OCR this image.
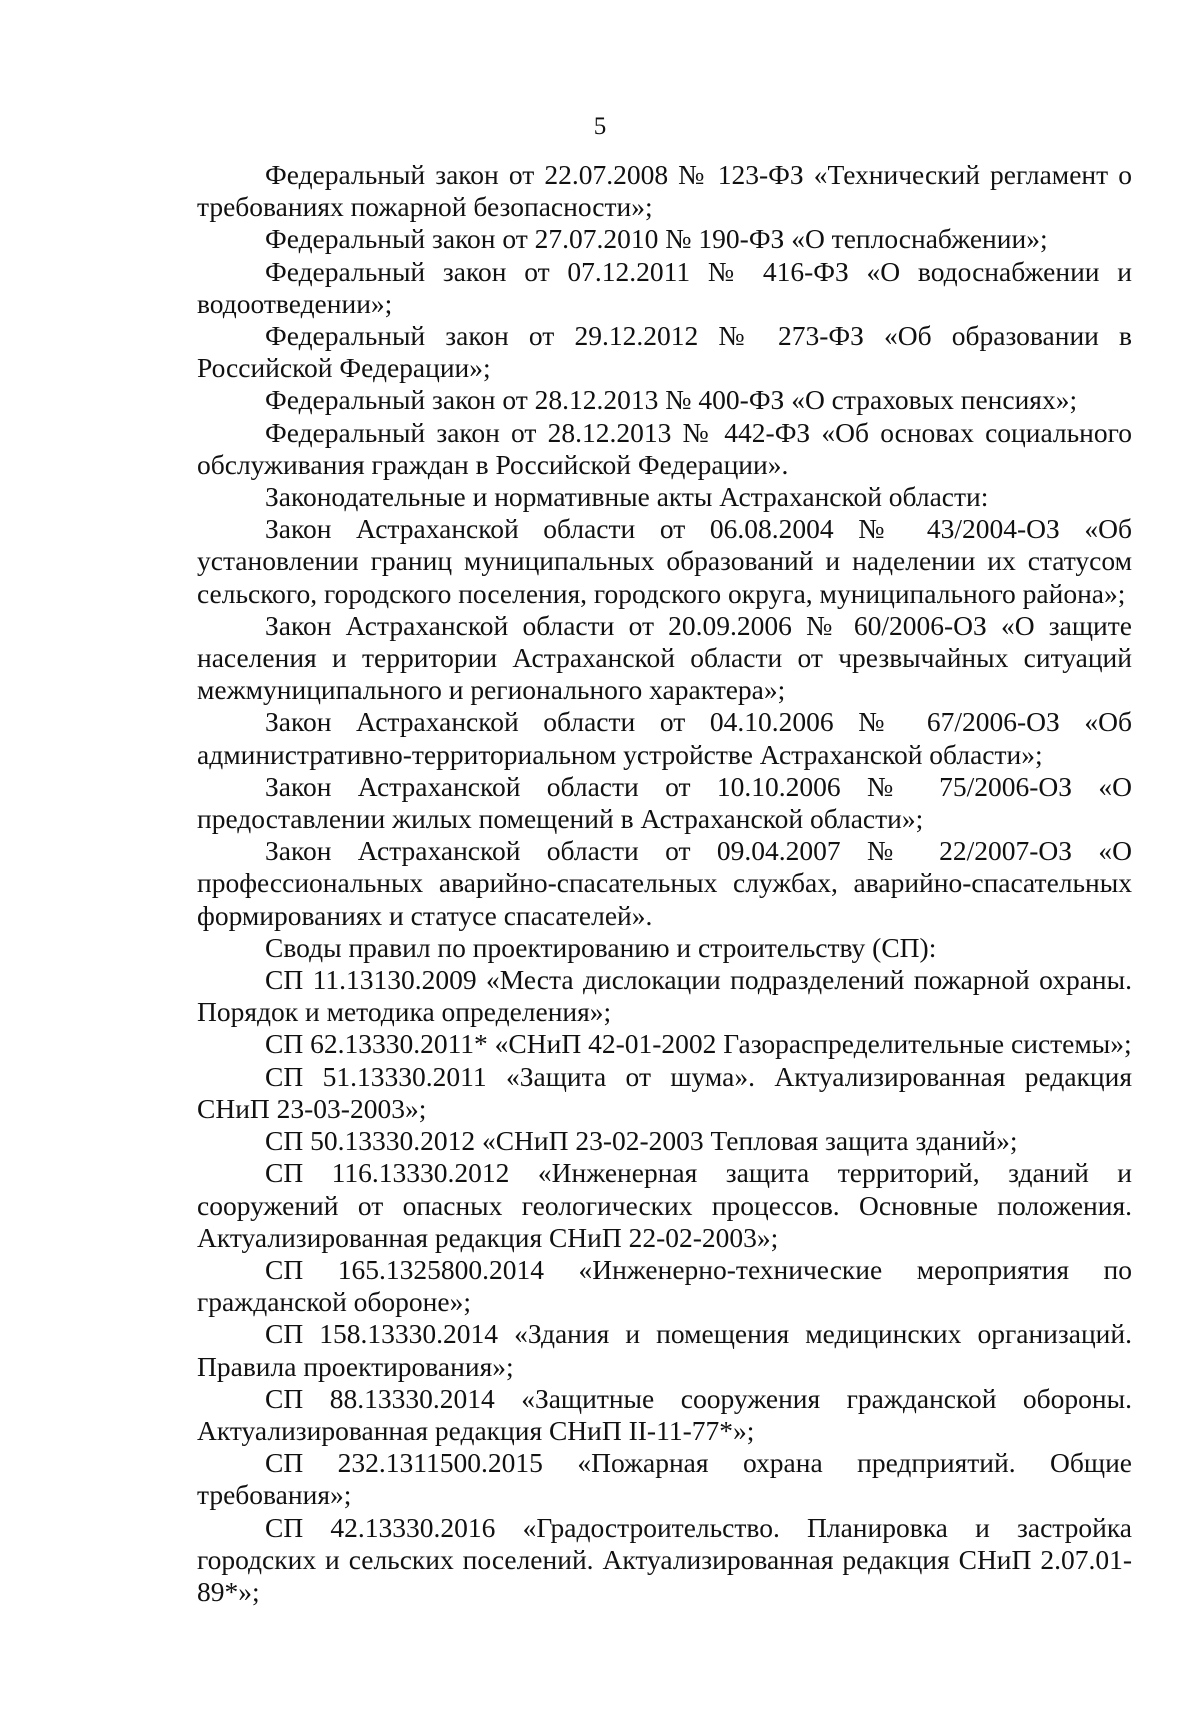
5

Федеральный закон от 22.07.2008 № 123-ФЗ «Технический регламент о требованиях пожарной безопасности»;

Федеральный закон от 27.07.2010 № 190-ФЗ «О теплоснабжении»;

Федеральный закон от 07.12.2011 № 416-ФЗ «О водоснабжении и водоотведении»;

Федеральный закон от 29.12.2012 № 273-ФЗ «Об образовании в Российской Федерации»;

Федеральный закон от 28.12.2013 № 400-ФЗ «О страховых пенсиях»;

Федеральный закон от 28.12.2013 № 442-ФЗ «Об основах социального обслуживания граждан в Российской Федерации».

Законодательные и нормативные акты Астраханской области:

Закон Астраханской области от 06.08.2004 № 43/2004-ОЗ «Об установлении границ муниципальных образований и наделении их статусом сельского, городского поселения, городского округа, муниципального района»;

Закон Астраханской области от 20.09.2006 № 60/2006-ОЗ «О защите населения и территории Астраханской области от чрезвычайных ситуаций межмуниципального и регионального характера»;

Закон Астраханской области от 04.10.2006 № 67/2006-ОЗ «Об административно-территориальном устройстве Астраханской области»;

Закон Астраханской области от 10.10.2006 № 75/2006-ОЗ «О предоставлении жилых помещений в Астраханской области»;

Закон Астраханской области от 09.04.2007 № 22/2007-ОЗ «О профессиональных аварийно-спасательных службах, аварийно-спасательных формированиях и статусе спасателей».

Своды правил по проектированию и строительству (СП):

СП 11.13130.2009 «Места дислокации подразделений пожарной охраны. Порядок и методика определения»;

СП 62.13330.2011* «СНиП 42-01-2002 Газораспределительные системы»;

СП 51.13330.2011 «Защита от шума». Актуализированная редакция СНиП 23-03-2003»;

СП 50.13330.2012 «СНиП 23-02-2003 Тепловая защита зданий»;

СП 116.13330.2012 «Инженерная защита территорий, зданий и сооружений от опасных геологических процессов. Основные положения. Актуализированная редакция СНиП 22-02-2003»;

СП 165.1325800.2014 «Инженерно-технические мероприятия по гражданской обороне»;

СП 158.13330.2014 «Здания и помещения медицинских организаций. Правила проектирования»;

СП 88.13330.2014 «Защитные сооружения гражданской обороны. Актуализированная редакция СНиП II-11-77*»;

СП 232.1311500.2015 «Пожарная охрана предприятий. Общие требования»;

СП 42.13330.2016 «Градостроительство. Планировка и застройка городских и сельских поселений. Актуализированная редакция СНиП 2.07.01-89*»;
